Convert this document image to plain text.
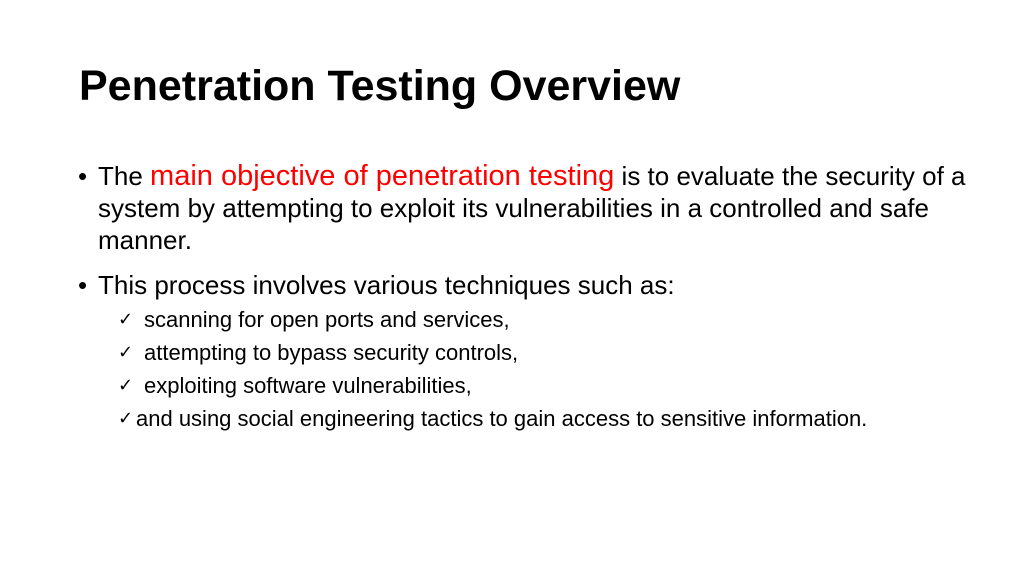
Penetration Testing Overview
• The main objective of penetration testing is to evaluate the security of a system by attempting to exploit its vulnerabilities in a controlled and safe manner.
• This process involves various techniques such as:
✓ scanning for open ports and services,
✓ attempting to bypass security controls,
✓ exploiting software vulnerabilities,
✓ and using social engineering tactics to gain access to sensitive information.
